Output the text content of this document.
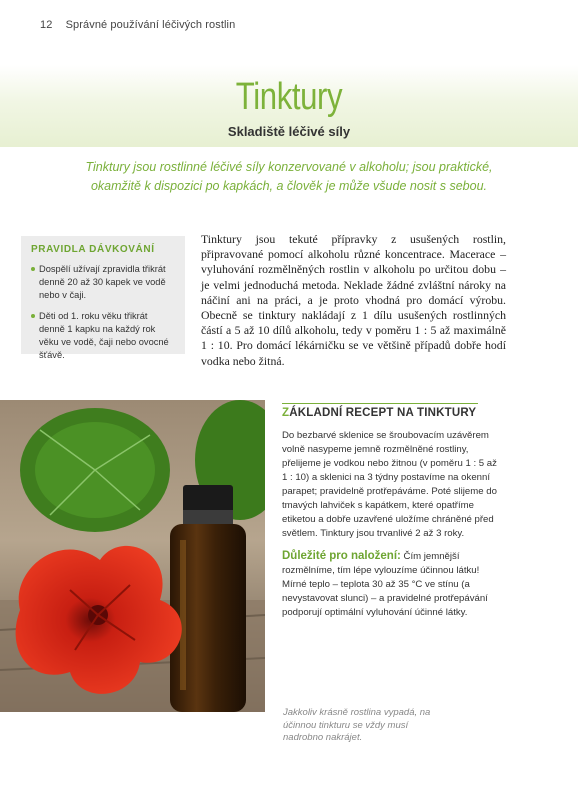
12 Správné používání léčivých rostlin
Tinktury
Skladiště léčivé síly
Tinktury jsou rostlinné léčivé síly konzervované v alkoholu; jsou praktické, okamžitě k dispozici po kapkách, a člověk je může všude nosit s sebou.
PRAVIDLA DÁVKOVÁNÍ
Dospělí užívají zpravidla třikrát denně 20 až 30 kapek ve vodě nebo v čaji.
Děti od 1. roku věku třikrát denně 1 kapku na každý rok věku ve vodě, čaji nebo ovocné šťávě.
Tinktury jsou tekuté přípravky z usušených rostlin, připravované pomocí alkoholu různé koncentrace. Macerace – vyluhování rozmělněných rostlin v alkoholu po určitou dobu – je velmi jednoduchá metoda. Neklade žádné zvláštní nároky na náčiní ani na práci, a je proto vhodná pro domácí výrobu. Obecně se tinktury nakládají z 1 dílu usušených rostlinných částí a 5 až 10 dílů alkoholu, tedy v poměru 1 : 5 až maximálně 1 : 10. Pro domácí lékárničku se ve většině případů dobře hodí vodka nebo žitná.
ZÁKLADNÍ RECEPT NA TINKTURY

Do bezbarvé sklenice se šroubovacím uzávěrem volně nasypeme jemně rozmělněné rostliny, přelijeme je vodkou nebo žitnou (v poměru 1 : 5 až 1 : 10) a sklenici na 3 týdny postavíme na okenní parapet; pravidelně protřepáváme. Poté slijeme do tmavých lahviček s kapátkem, které opatříme etiketou a dobře uzavřené uložíme chráněné před světlem. Tinktury jsou trvanlivé 2 až 3 roky.

Důležité pro naložení: Čím jemnější rozmělníme, tím lépe vylouzíme účinnou látku! Mírné teplo – teplota 30 až 35 °C ve stínu (a nevystavovat slunci) – a pravidelné protřepávání podporují optimální vyluhování účinné látky.

Jakkoliv krásně rostlina vypadá, na účinnou tinkturu se vždy musí nadrobno nakrájet.
